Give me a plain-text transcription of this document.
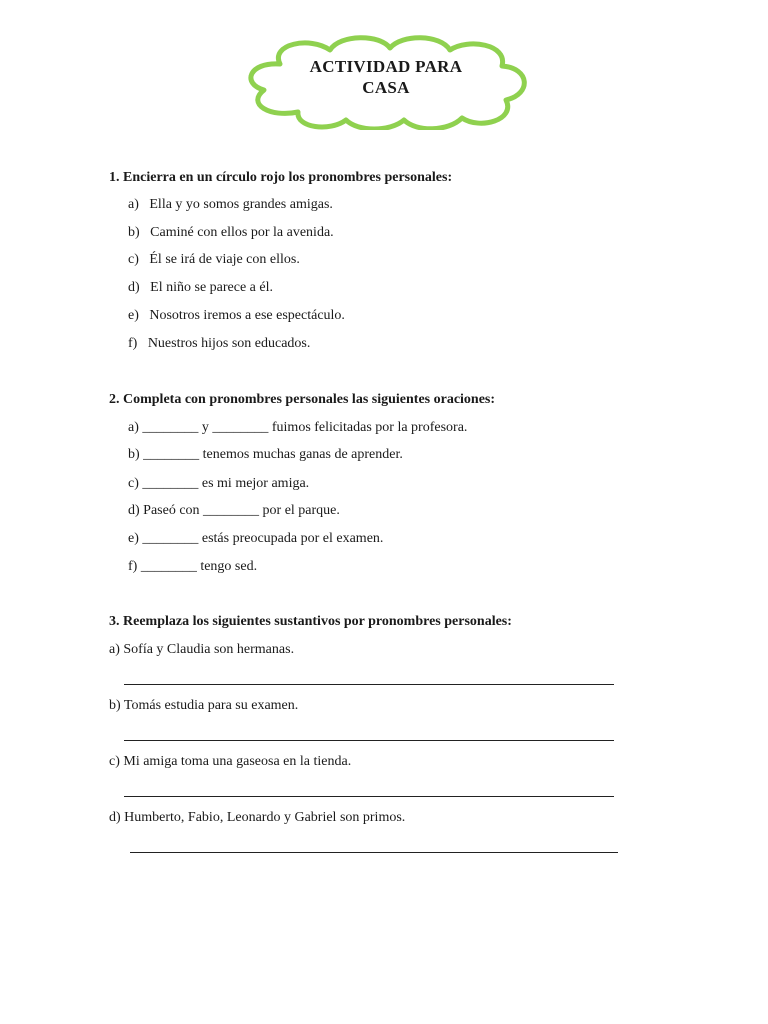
ACTIVIDAD PARA
CASA
1. Encierra en un círculo rojo los pronombres personales:
a)   Ella y yo somos grandes amigas.
b)   Caminé con ellos por la avenida.
c)   Él se irá de viaje con ellos.
d)   El niño se parece a él.
e)   Nosotros iremos a ese espectáculo.
f)   Nuestros hijos son educados.
2. Completa con pronombres personales las siguientes oraciones:
a) ________ y ________ fuimos felicitadas por la profesora.
b) ________ tenemos muchas ganas de aprender.
c) ________ es mi mejor amiga.
d) Paseó con ________ por el parque.
e) ________ estás preocupada por el examen.
f) ________ tengo sed.
3. Reemplaza los siguientes sustantivos por pronombres personales:
a) Sofía y Claudia son hermanas.
b) Tomás estudia para su examen.
c) Mi amiga toma una gaseosa en la tienda.
d) Humberto, Fabio, Leonardo y Gabriel son primos.
